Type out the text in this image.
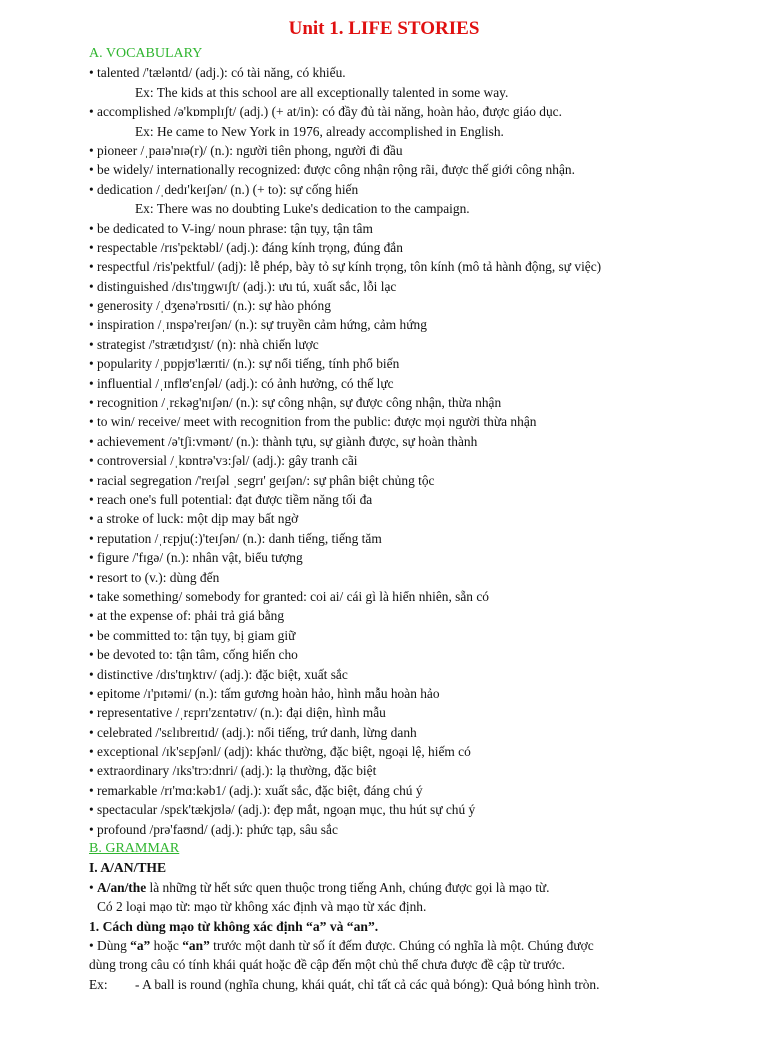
Unit 1. LIFE STORIES
A. VOCABULARY
• talented /'tæləntd/ (adj.): có tài năng, có khiếu.
Ex: The kids at this school are all exceptionally talented in some way.
• accomplished /ə'kɒmplɪʃt/ (adj.) (+ at/in): có đầy đủ tài năng, hoàn hảo, được giáo dục.
Ex: He came to New York in 1976, already accomplished in English.
• pioneer /ˌpaɪə'nɪə(r)/ (n.): người tiên phong, người đi đầu
• be widely/ internationally recognized: được công nhận rộng rãi, được thế giới công nhận.
• dedication /ˌdedɪ'keɪʃən/ (n.) (+ to): sự cống hiến
Ex: There was no doubting Luke's dedication to the campaign.
• be dedicated to V-ing/ noun phrase: tận tụy, tận tâm
• respectable /rɪs'pɛktəbl/ (adj.): đáng kính trọng, đúng đắn
• respectful /ris'pektful/ (adj): lễ phép, bày tỏ sự kính trọng, tôn kính (mô tả hành động, sự việc)
• distinguished /dɪs'tɪŋgwɪʃt/ (adj.): ưu tú, xuất sắc, lỗi lạc
• generosity /ˌdʒenə'rɒsɪti/ (n.): sự hào phóng
• inspiration /ˌɪnspə'reɪʃən/ (n.): sự truyền cảm hứng, cảm hứng
• strategist /'strætɪdʒɪst/ (n): nhà chiến lược
• popularity /ˌpɒpjʊ'lærɪti/ (n.): sự nổi tiếng, tính phổ biến
• influential /ˌɪnflʊ'ɛnʃəl/ (adj.): có ảnh hưởng, có thế lực
• recognition /ˌrɛkəg'nɪʃən/ (n.): sự công nhận, sự được công nhận, thừa nhận
• to win/ receive/ meet with recognition from the public: được mọi người thừa nhận
• achievement /ə'tʃi:vmənt/ (n.): thành tựu, sự giành được, sự hoàn thành
• controversial /ˌkɒntrə'vɜ:ʃəl/ (adj.): gây tranh cãi
• racial segregation /'reɪʃəl ˌsegrɪ' geɪʃən/: sự phân biệt chủng tộc
• reach one's full potential: đạt được tiềm năng tối đa
• a stroke of luck: một dịp may bất ngờ
• reputation /ˌrɛpju(:)'teɪʃən/ (n.): danh tiếng, tiếng tăm
• figure /'fɪgə/ (n.): nhân vật, biểu tượng
• resort to (v.): dùng đến
• take something/ somebody for granted: coi ai/ cái gì là hiển nhiên, sẵn có
• at the expense of: phải trả giá bằng
• be committed to: tận tụy, bị giam giữ
• be devoted to: tận tâm, cống hiến cho
• distinctive /dɪs'tɪŋktɪv/ (adj.): đặc biệt, xuất sắc
• epitome /ɪ'pɪtəmi/ (n.): tấm gương hoàn hảo, hình mẫu hoàn hảo
• representative /ˌrɛprɪ'zɛntətɪv/ (n.): đại diện, hình mẫu
• celebrated /'sɛlɪbreɪtɪd/ (adj.): nổi tiếng, trứ danh, lừng danh
• exceptional /ɪk'sɛpʃənl/ (adj): khác thường, đặc biệt, ngoại lệ, hiếm có
• extraordinary /ɪks'trɔ:dnri/ (adj.): lạ thường, đặc biệt
• remarkable /rɪ'mɑ:kəb1/ (adj.): xuất sắc, đặc biệt, đáng chú ý
• spectacular /spɛk'tækjʊlə/ (adj.): đẹp mắt, ngoạn mục, thu hút sự chú ý
• profound /prə'faʊnd/ (adj.): phức tạp, sâu sắc
B. GRAMMAR
I. A/AN/THE
• A/an/the là những từ hết sức quen thuộc trong tiếng Anh, chúng được gọi là mạo từ.
Có 2 loại mạo từ: mạo từ không xác định và mạo từ xác định.
1. Cách dùng mạo từ không xác định “a” và “an”.
• Dùng “a” hoặc “an” trước một danh từ số ít đếm được. Chúng có nghĩa là một. Chúng được
dùng trong câu có tính khái quát hoặc đề cập đến một chủ thể chưa được đề cập từ trước.
Ex: - A ball is round (nghĩa chung, khái quát, chỉ tất cả các quả bóng): Quả bóng hình tròn.
